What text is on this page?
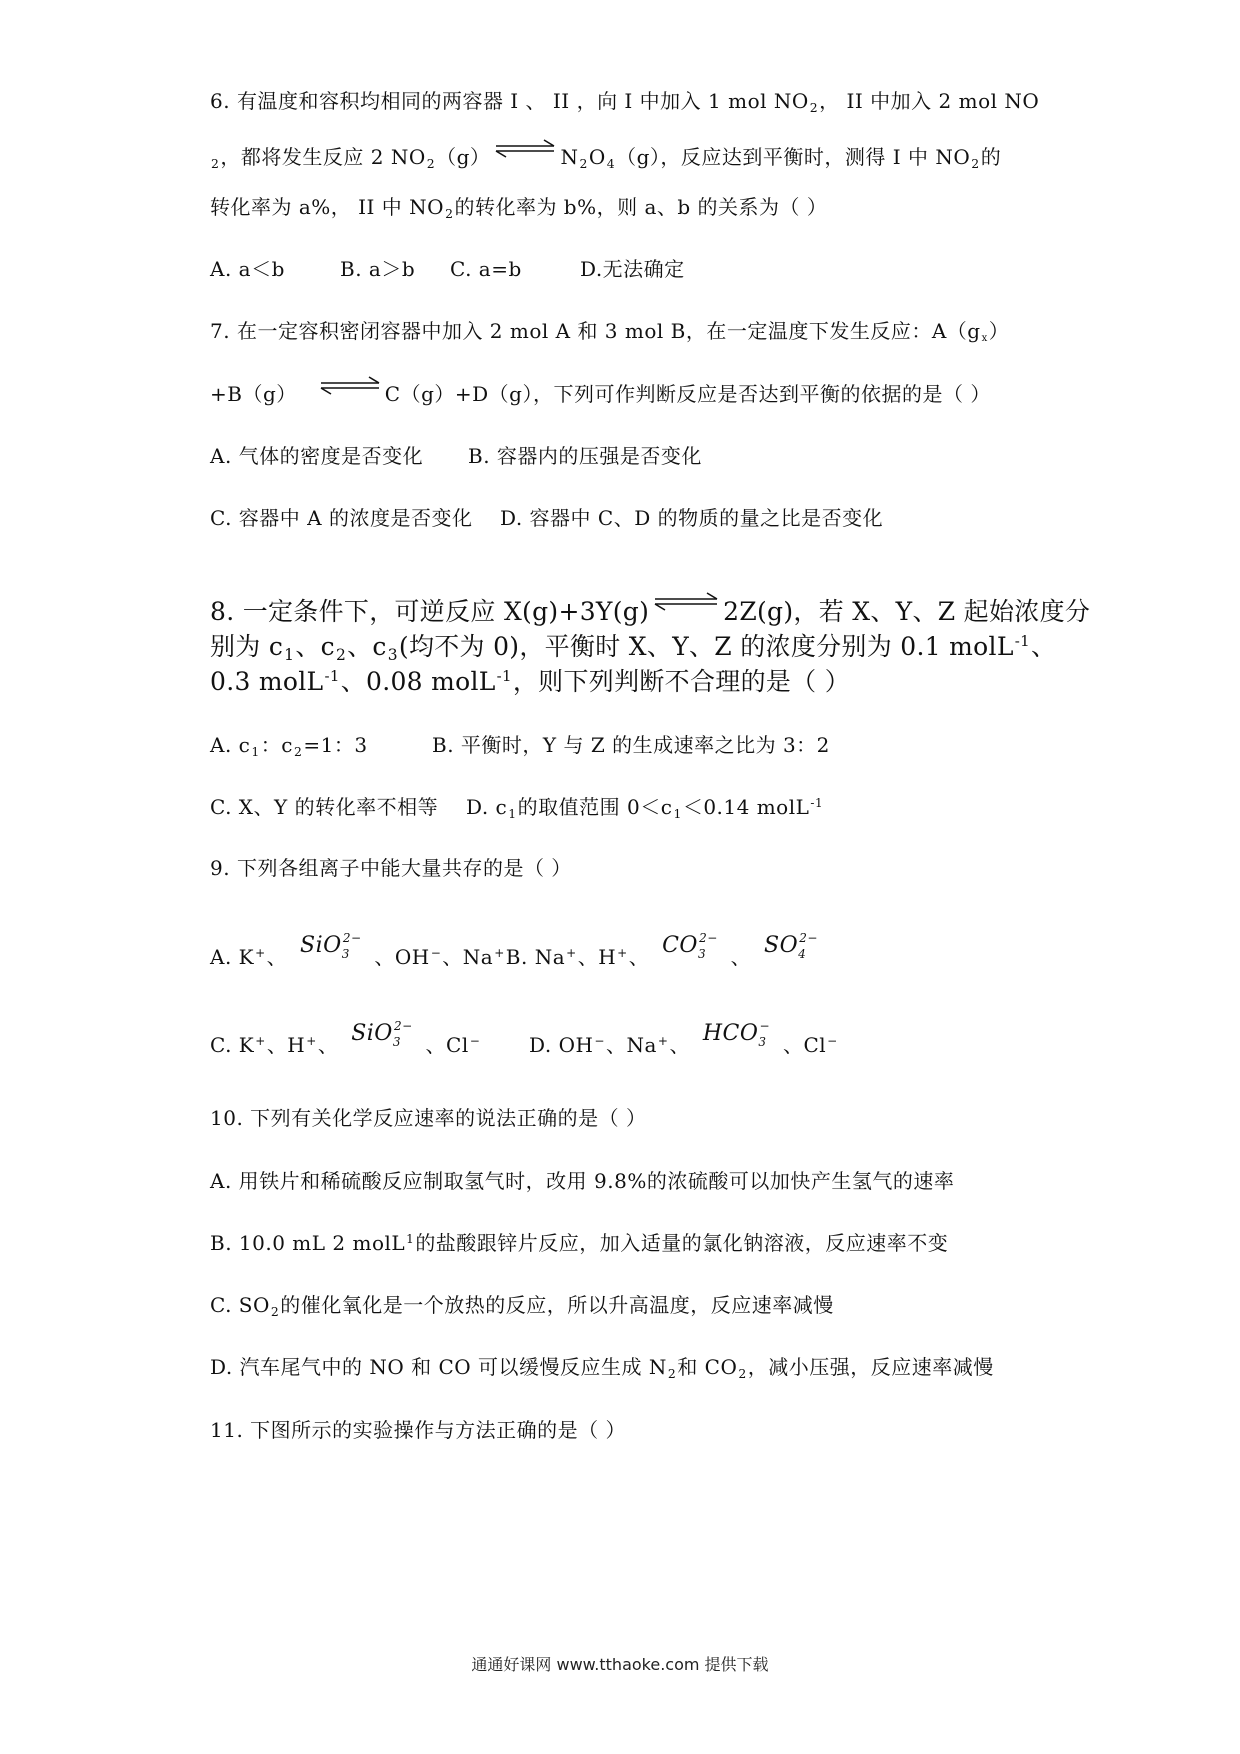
6. 有温度和容积均相同的两容器 I 、 II ，向 I 中加入 1 mol NO2， II 中加入 2 mol NO
2，都将发生反应 2 NO2（g） ⇌ N2O4（g），反应达到平衡时，测得 I 中 NO2的
转化率为 a%， II 中 NO2的转化率为 b%，则 a、b 的关系为（ ）
A. a＜b	B. a＞b C. a=b	D.无法确定
7. 在一定容积密闭容器中加入 2 mol A 和 3 mol B，在一定温度下发生反应：A（gx）
+B（g） ⇌ C（g）+D（g），下列可作判断反应是否达到平衡的依据的是（ ）
A. 气体的密度是否变化 B. 容器内的压强是否变化
C. 容器中 A 的浓度是否变化 D. 容器中 C、D 的物质的量之比是否变化
8. 一定条件下，可逆反应 X(g)+3Y(g) ⇌ 2Z(g)，若 X、Y、Z 起始浓度分
别为 c1、c2、c3(均不为 0)，平衡时 X、Y、Z 的浓度分别为 0.1 molL$^{-1}$、
0.3 molL$^{-1}$、0.08 molL$^{-1}$，则下列判断不合理的是（ ）
A. c1：c2=1：3	B. 平衡时，Y 与 Z 的生成速率之比为 3：2
C. X、Y 的转化率不相等 D. c1的取值范围 0＜c1＜0.14 molL$^{-1}$
9. 下列各组离子中能大量共存的是（ ）
A. K+、 SiO$_3^{2-}$ 、OH−、Na+B. Na+、H+、 $CO_3^{2-}$ 、 $SO_4^{2-}$
C. K+、H+、 SiO$_3^{2-}$ 、Cl− D. OH−、Na+、 $HCO_3^-$ 、Cl−
10. 下列有关化学反应速率的说法正确的是（ ）
A. 用铁片和稀硫酸反应制取氢气时，改用 9.8%的浓硫酸可以加快产生氢气的速率
B. 10.0 mL 2 molL$^1$的盐酸跟锌片反应，加入适量的氯化钠溶液，反应速率不变
C. SO2的催化氧化是一个放热的反应，所以升高温度，反应速率减慢
D. 汽车尾气中的 NO 和 CO 可以缓慢反应生成 N2和 CO2，减小压强，反应速率减慢
11. 下图所示的实验操作与方法正确的是（ ）
通通好课网 www.tthaoke.com 提供下载
